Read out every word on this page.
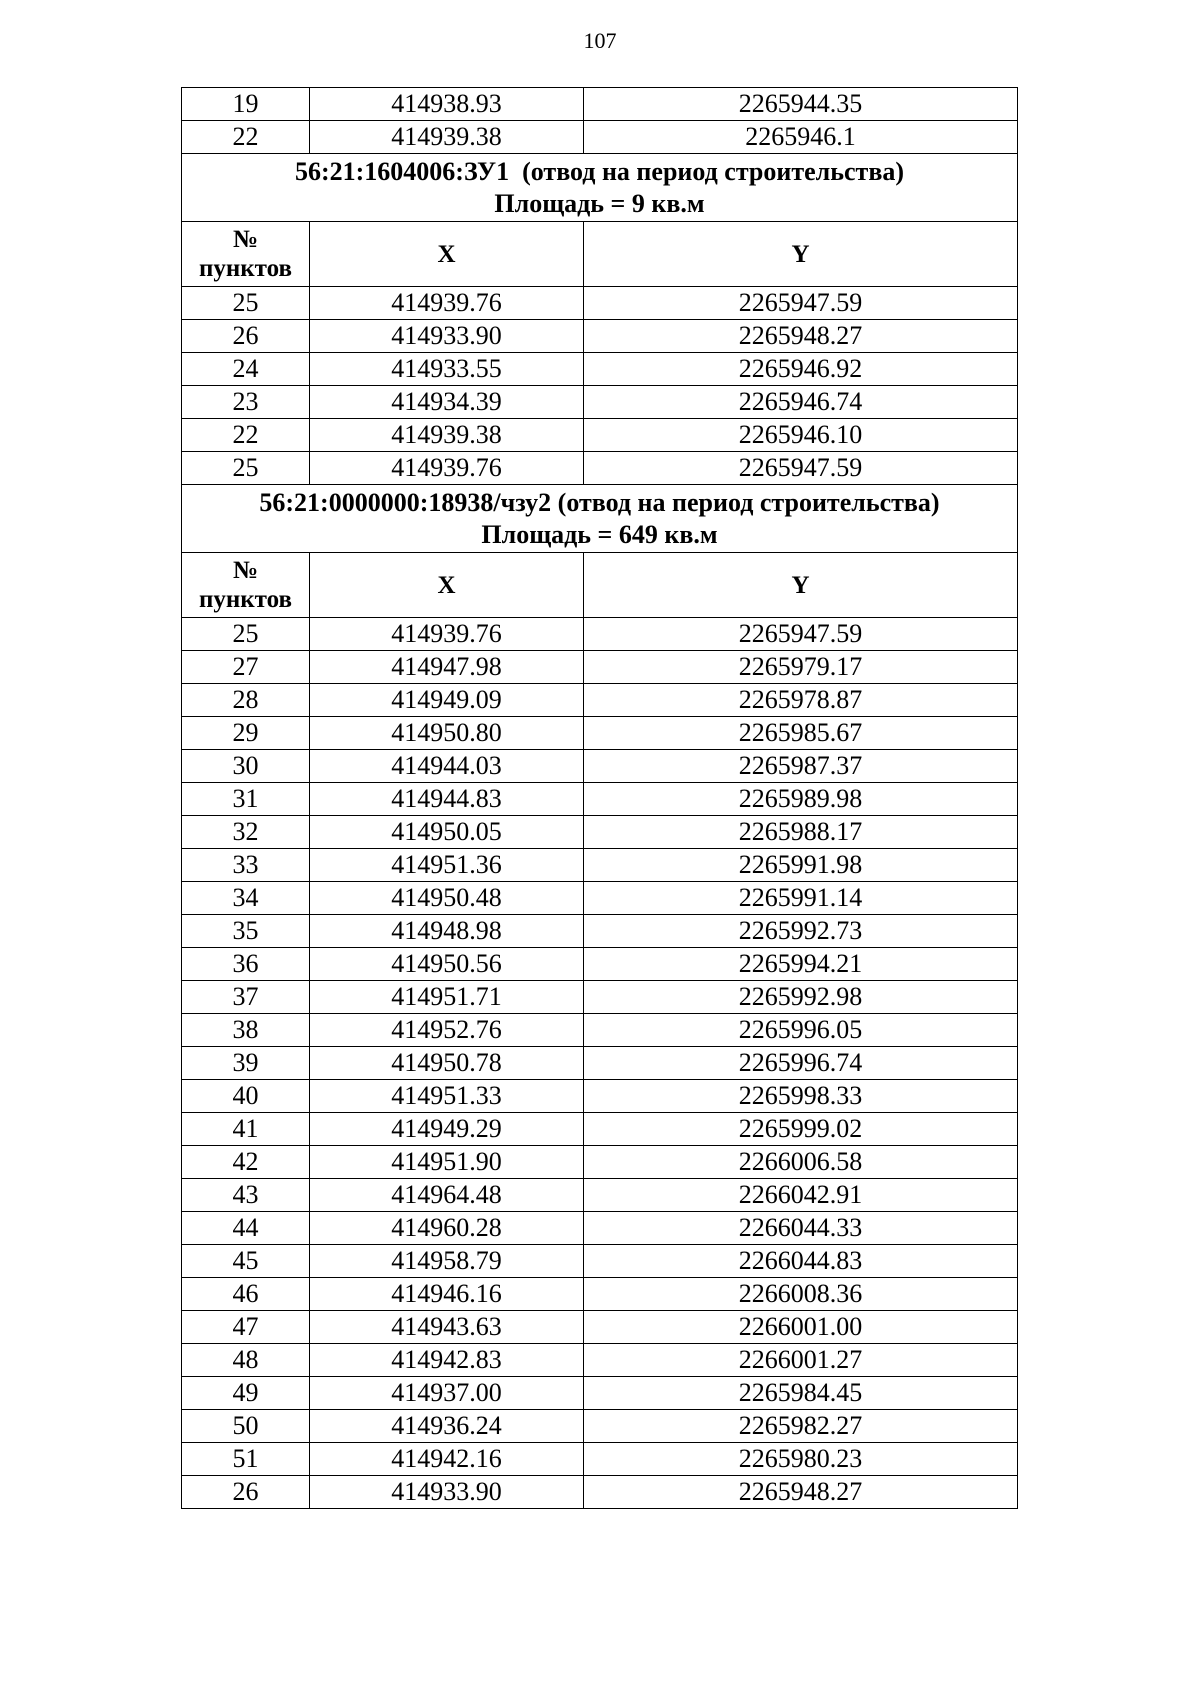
107
19	414938.93	2265944.35
22	414939.38	2265946.1

56:21:1604006:ЗУ1  (отвод на период строительства)
Площадь = 9 кв.м		

№
пунктов	X	Y
25	414939.76	2265947.59
26	414933.90	2265948.27
24	414933.55	2265946.92
23	414934.39	2265946.74
22	414939.38	2265946.10
25	414939.76	2265947.59

56:21:0000000:18938/чзу2 (отвод на период строительства)
Площадь = 649 кв.м		

№
пунктов	X	Y
25	414939.76	2265947.59
27	414947.98	2265979.17
28	414949.09	2265978.87
29	414950.80	2265985.67
30	414944.03	2265987.37
31	414944.83	2265989.98
32	414950.05	2265988.17
33	414951.36	2265991.98
34	414950.48	2265991.14
35	414948.98	2265992.73
36	414950.56	2265994.21
37	414951.71	2265992.98
38	414952.76	2265996.05
39	414950.78	2265996.74
40	414951.33	2265998.33
41	414949.29	2265999.02
42	414951.90	2266006.58
43	414964.48	2266042.91
44	414960.28	2266044.33
45	414958.79	2266044.83
46	414946.16	2266008.36
47	414943.63	2266001.00
48	414942.83	2266001.27
49	414937.00	2265984.45
50	414936.24	2265982.27
51	414942.16	2265980.23
26	414933.90	2265948.27
